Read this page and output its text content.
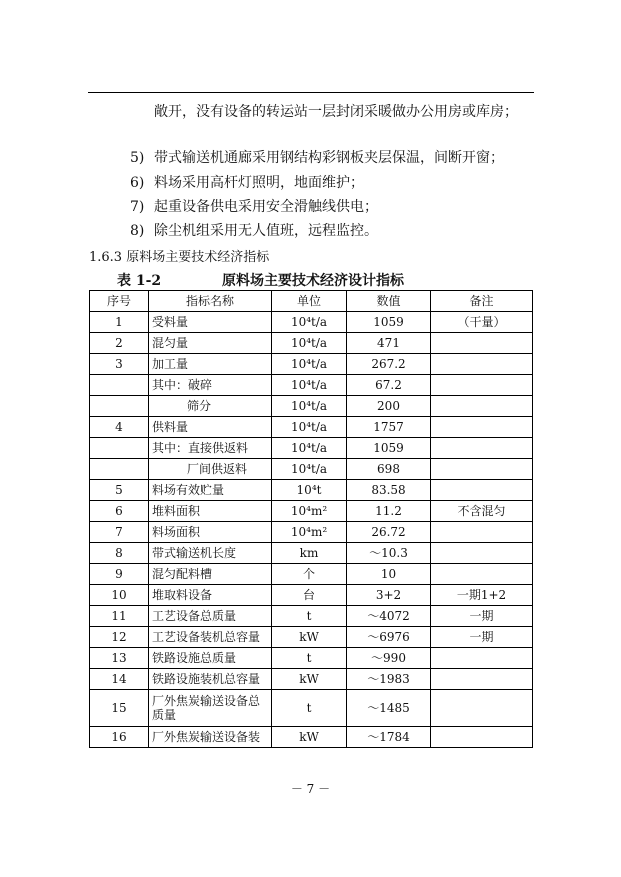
敞开，没有设备的转运站一层封闭采暖做办公用房或库房；
5) 带式输送机通廊采用钢结构彩钢板夹层保温，间断开窗；
6) 料场采用高杆灯照明，地面维护；
7) 起重设备供电采用安全滑触线供电；
8) 除尘机组采用无人值班，远程监控。
1.6.3 原料场主要技术经济指标
表 1-2	原料场主要技术经济设计指标
序号	指标名称	单位	数值	备注
1	受料量	10⁴t/a	1059	（干量）
2	混匀量	10⁴t/a	471	
3	加工量	10⁴t/a	267.2	
	其中：破碎	10⁴t/a	67.2	
	筛分	10⁴t/a	200	
4	供料量	10⁴t/a	1757	
	其中：直接供返料	10⁴t/a	1059	
	厂间供返料	10⁴t/a	698	
5	料场有效贮量	10⁴t	83.58	
6	堆料面积	10⁴m²	11.2	不含混匀
7	料场面积	10⁴m²	26.72	
8	带式输送机长度	km	～10.3	
9	混匀配料槽	个	10	
10	堆取料设备	台	3+2	一期1+2
11	工艺设备总质量	t	～4072	一期
12	工艺设备装机总容量	kW	～6976	一期
13	铁路设施总质量	t	～990	
14	铁路设施装机总容量	kW	～1983	
15	厂外焦炭输送设备总质量	t	～1485	
16	厂外焦炭输送设备装	kW	～1784	
－ 7 －
